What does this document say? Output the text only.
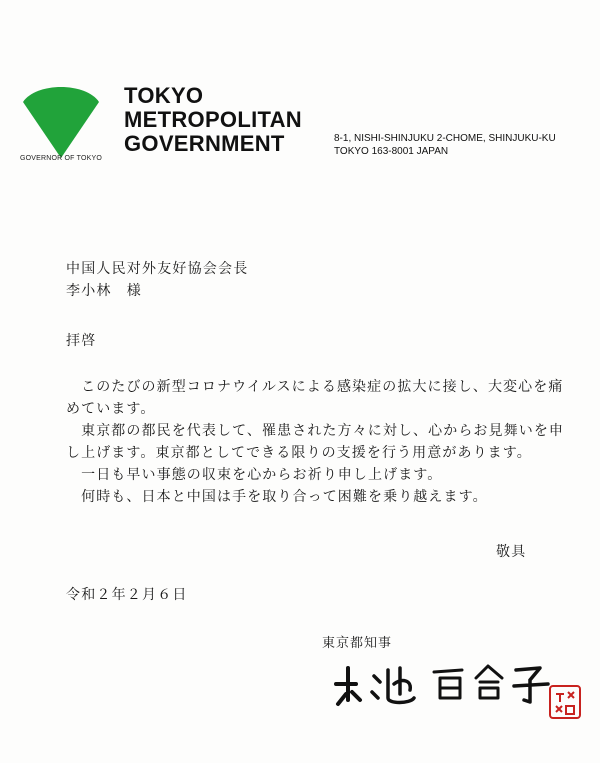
GOVERNOR OF TOKYO
TOKYO
METROPOLITAN
GOVERNMENT	8-1, NISHI-SHINJUKU 2-CHOME, SHINJUKU-KU
TOKYO 163-8001 JAPAN
中国人民对外友好協会会長
李小林　様
拝啓

　このたびの新型コロナウイルスによる感染症の拡大に接し、大変心を痛

めています。

　東京都の都民を代表して、罹患された方々に対し、心からお見舞いを申

し上げます。東京都としてできる限りの支援を行う用意があります。

　一日も早い事態の収束を心からお祈り申し上げます。

　何時も、日本と中国は手を取り合って困難を乗り越えます。

敬具
令和２年２月６日
東京都知事
